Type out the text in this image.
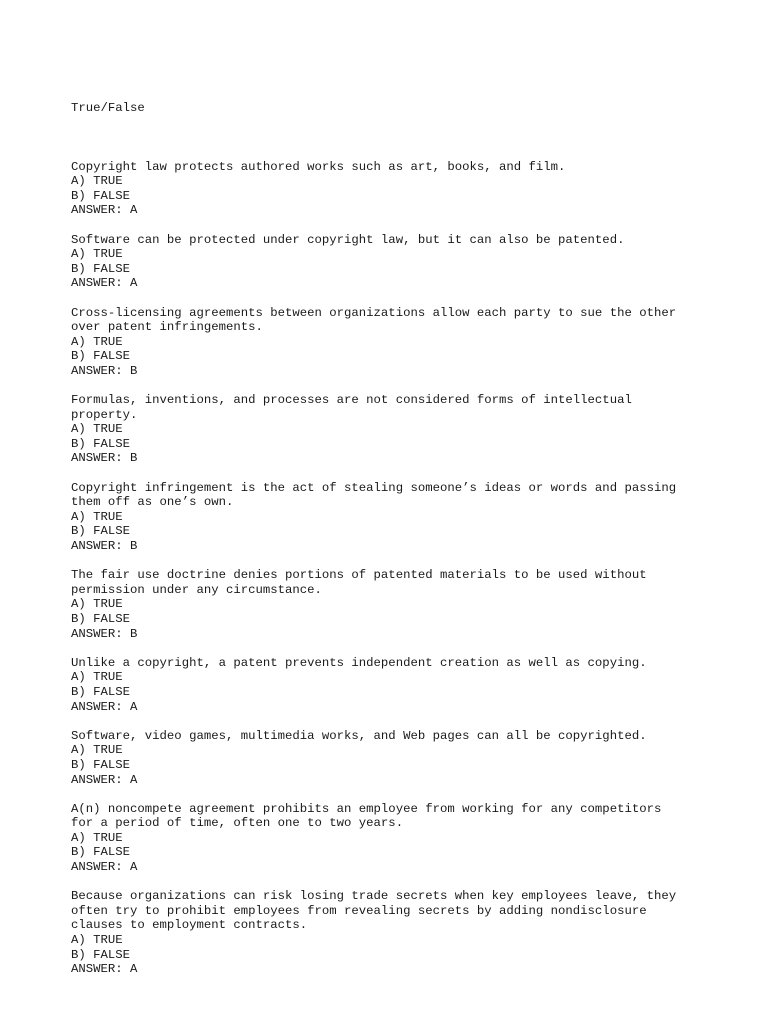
True/False

Copyright law protects authored works such as art, books, and film.
A) TRUE
B) FALSE
ANSWER: A
Software can be protected under copyright law, but it can also be patented.
A) TRUE
B) FALSE
ANSWER: A
Cross-licensing agreements between organizations allow each party to sue the other
over patent infringements.
A) TRUE
B) FALSE
ANSWER: B
Formulas, inventions, and processes are not considered forms of intellectual
property.
A) TRUE
B) FALSE
ANSWER: B
Copyright infringement is the act of stealing someone’s ideas or words and passing
them off as one’s own.
A) TRUE
B) FALSE
ANSWER: B
The fair use doctrine denies portions of patented materials to be used without
permission under any circumstance.
A) TRUE
B) FALSE
ANSWER: B
Unlike a copyright, a patent prevents independent creation as well as copying.
A) TRUE
B) FALSE
ANSWER: A
Software, video games, multimedia works, and Web pages can all be copyrighted.
A) TRUE
B) FALSE
ANSWER: A
A(n) noncompete agreement prohibits an employee from working for any competitors
for a period of time, often one to two years.
A) TRUE
B) FALSE
ANSWER: A
Because organizations can risk losing trade secrets when key employees leave, they
often try to prohibit employees from revealing secrets by adding nondisclosure
clauses to employment contracts.
A) TRUE
B) FALSE
ANSWER: A
